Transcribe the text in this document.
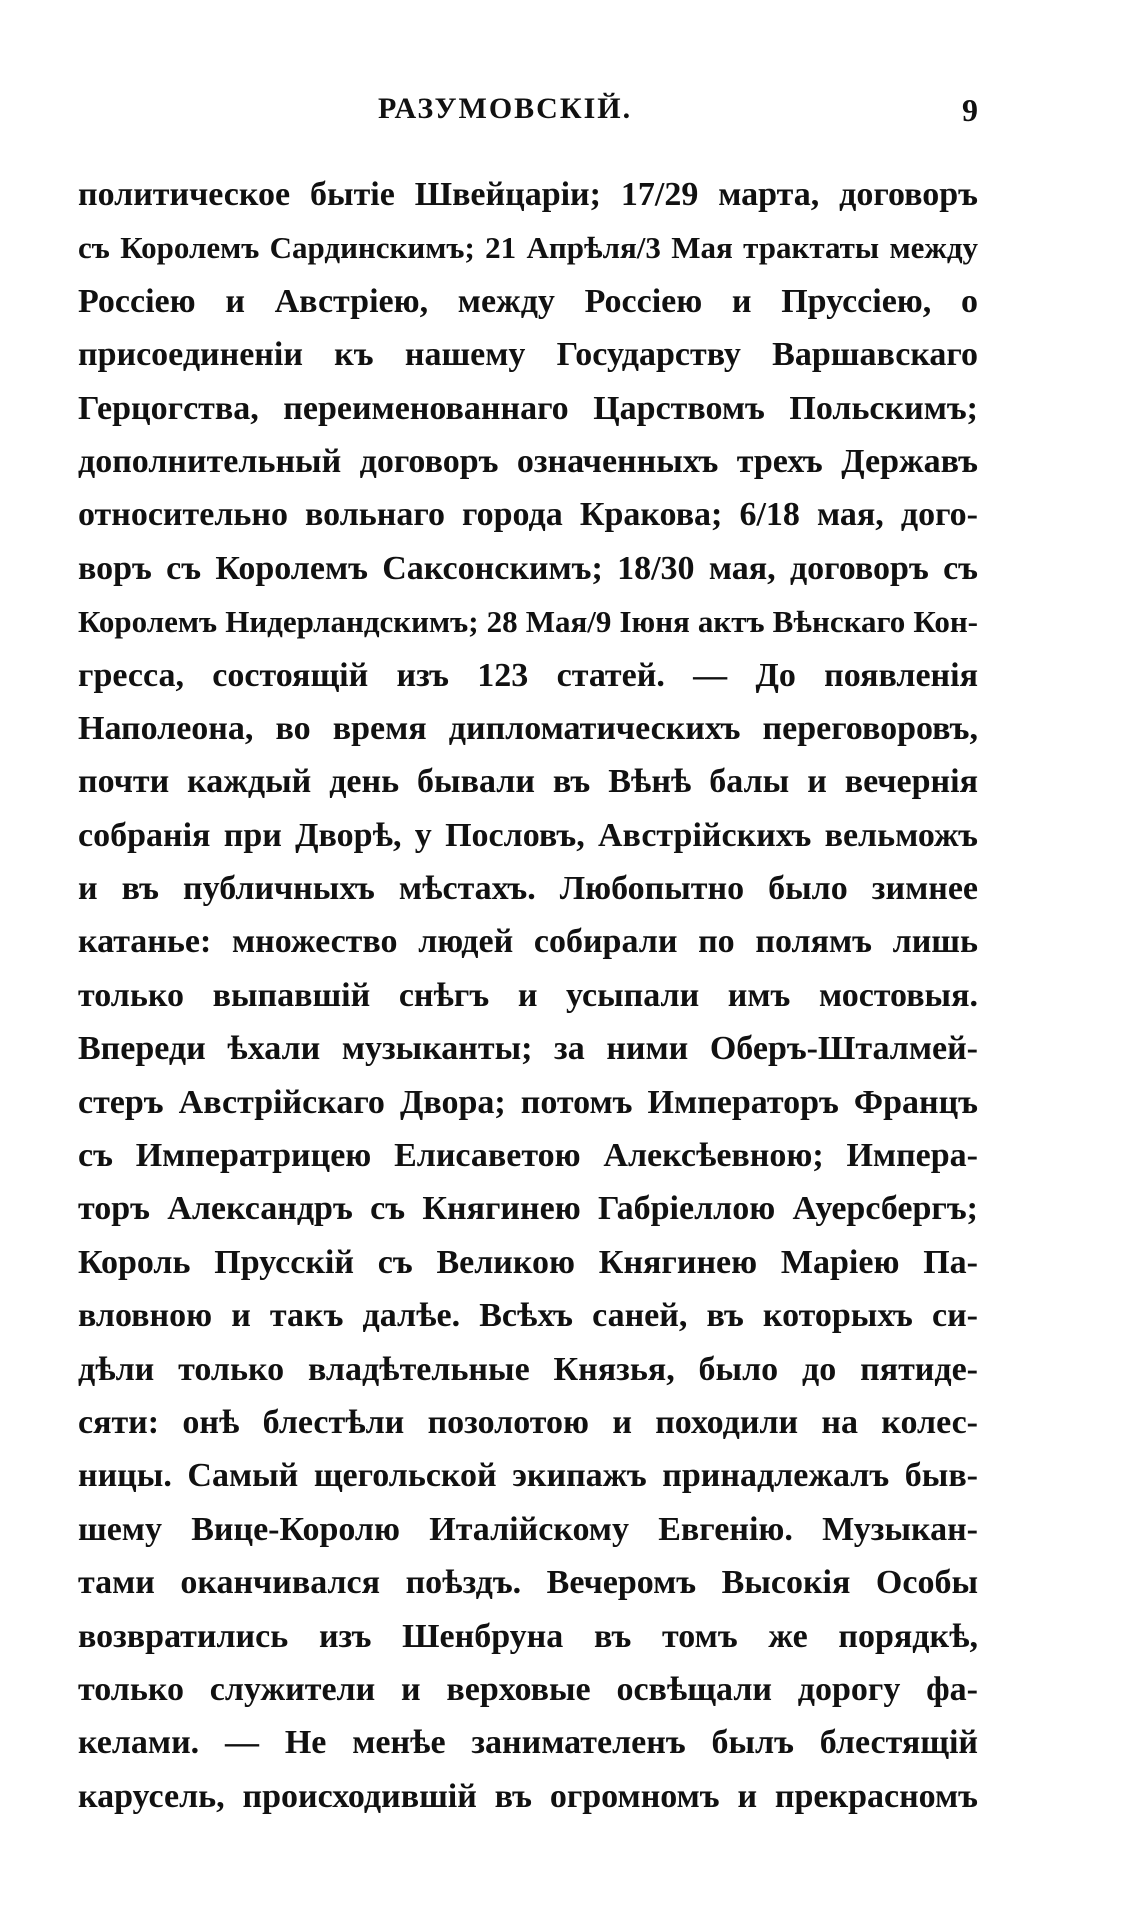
РАЗУМОВСКІЙ.	9
политическое бытіе Швейцаріи; 17/29 марта, договоръ
съ Королемъ Сардинскимъ; 21 Апрѣля/3 Мая трактаты между
Россіею и Австріею, между Россіею и Пруссіею, о
присоединеніи къ нашему Государству Варшавскаго
Герцогства, переименованнаго Царствомъ Польскимъ;
дополнительный договоръ означенныхъ трехъ Державъ
относительно вольнаго города Кракова; 6/18 мая, дого-
воръ съ Королемъ Саксонскимъ; 18/30 мая, договоръ съ
Королемъ Нидерландскимъ; 28 Мая/9 Іюня актъ Вѣнскаго Кон-
гресса, состоящій изъ 123 статей. — До появленія
Наполеона, во время дипломатическихъ переговоровъ,
почти каждый день бывали въ Вѣнѣ балы и вечернія
собранія при Дворѣ, у Пословъ, Австрійскихъ вельможъ
и въ публичныхъ мѣстахъ. Любопытно было зимнее
катанье: множество людей собирали по полямъ лишь
только выпавшій снѣгъ и усыпали имъ мостовыя.
Впереди ѣхали музыканты; за ними Оберъ-Шталмей-
стеръ Австрійскаго Двора; потомъ Императоръ Францъ
съ Императрицею Елисаветою Алексѣевною; Импера-
торъ Александръ съ Княгинею Габріеллою Ауерсбергъ;
Король Прусскій съ Великою Княгинею Маріею Па-
вловною и такъ далѣе. Всѣхъ саней, въ которыхъ си-
дѣли только владѣтельные Князья, было до пятиде-
сяти: онѣ блестѣли позолотою и походили на колес-
ницы. Самый щегольской экипажъ принадлежалъ быв-
шему Вице-Королю Италійскому Евгенію. Музыкан-
тами оканчивался поѣздъ. Вечеромъ Высокія Особы
возвратились изъ Шенбруна въ томъ же порядкѣ,
только служители и верховые освѣщали дорогу фа-
келами. — Не менѣе занимателенъ былъ блестящій
карусель, происходившій въ огромномъ и прекрасномъ
